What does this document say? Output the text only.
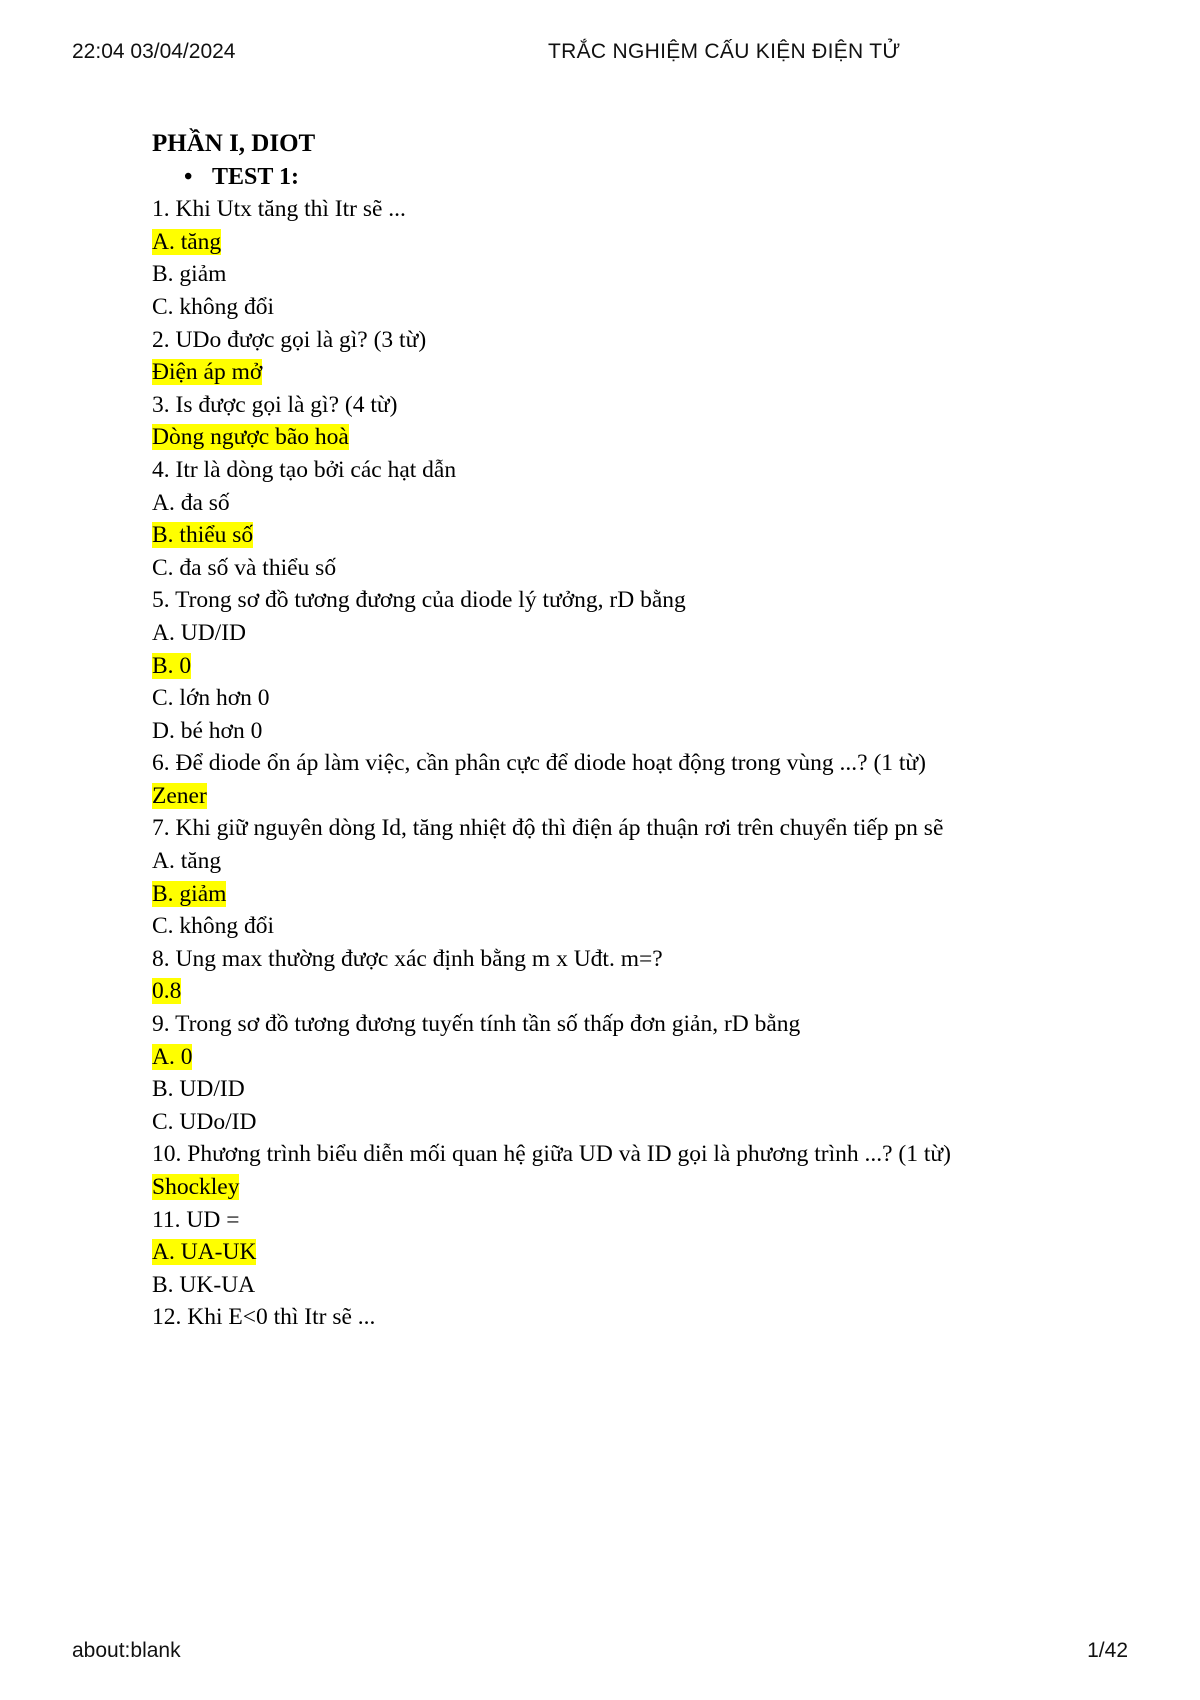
22:04 03/04/2024	TRẮC NGHIỆM CẤU KIỆN ĐIỆN TỬ
PHẦN I, DIOT
• TEST 1:
1. Khi Utx tăng thì Itr sẽ ...
A. tăng
B. giảm
C. không đổi
2. UDo được gọi là gì? (3 từ)
Điện áp mở
3. Is được gọi là gì? (4 từ)
Dòng ngược bão hoà
4. Itr là dòng tạo bởi các hạt dẫn
A. đa số
B. thiểu số
C. đa số và thiểu số
5. Trong sơ đồ tương đương của diode lý tưởng, rD bằng
A. UD/ID
B. 0
C. lớn hơn 0
D. bé hơn 0
6. Để diode ổn áp làm việc, cần phân cực để diode hoạt động trong vùng ...? (1 từ)
Zener
7. Khi giữ nguyên dòng Id, tăng nhiệt độ thì điện áp thuận rơi trên chuyển tiếp pn sẽ
A. tăng
B. giảm
C. không đổi
8. Ung max thường được xác định bằng m x Uđt. m=?
0.8
9. Trong sơ đồ tương đương tuyến tính tần số thấp đơn giản, rD bằng
A. 0
B. UD/ID
C. UDo/ID
10. Phương trình biểu diễn mối quan hệ giữa UD và ID gọi là phương trình ...? (1 từ)
Shockley
11. UD =
A. UA-UK
B. UK-UA
12. Khi E<0 thì Itr sẽ ...
about:blank	1/42
